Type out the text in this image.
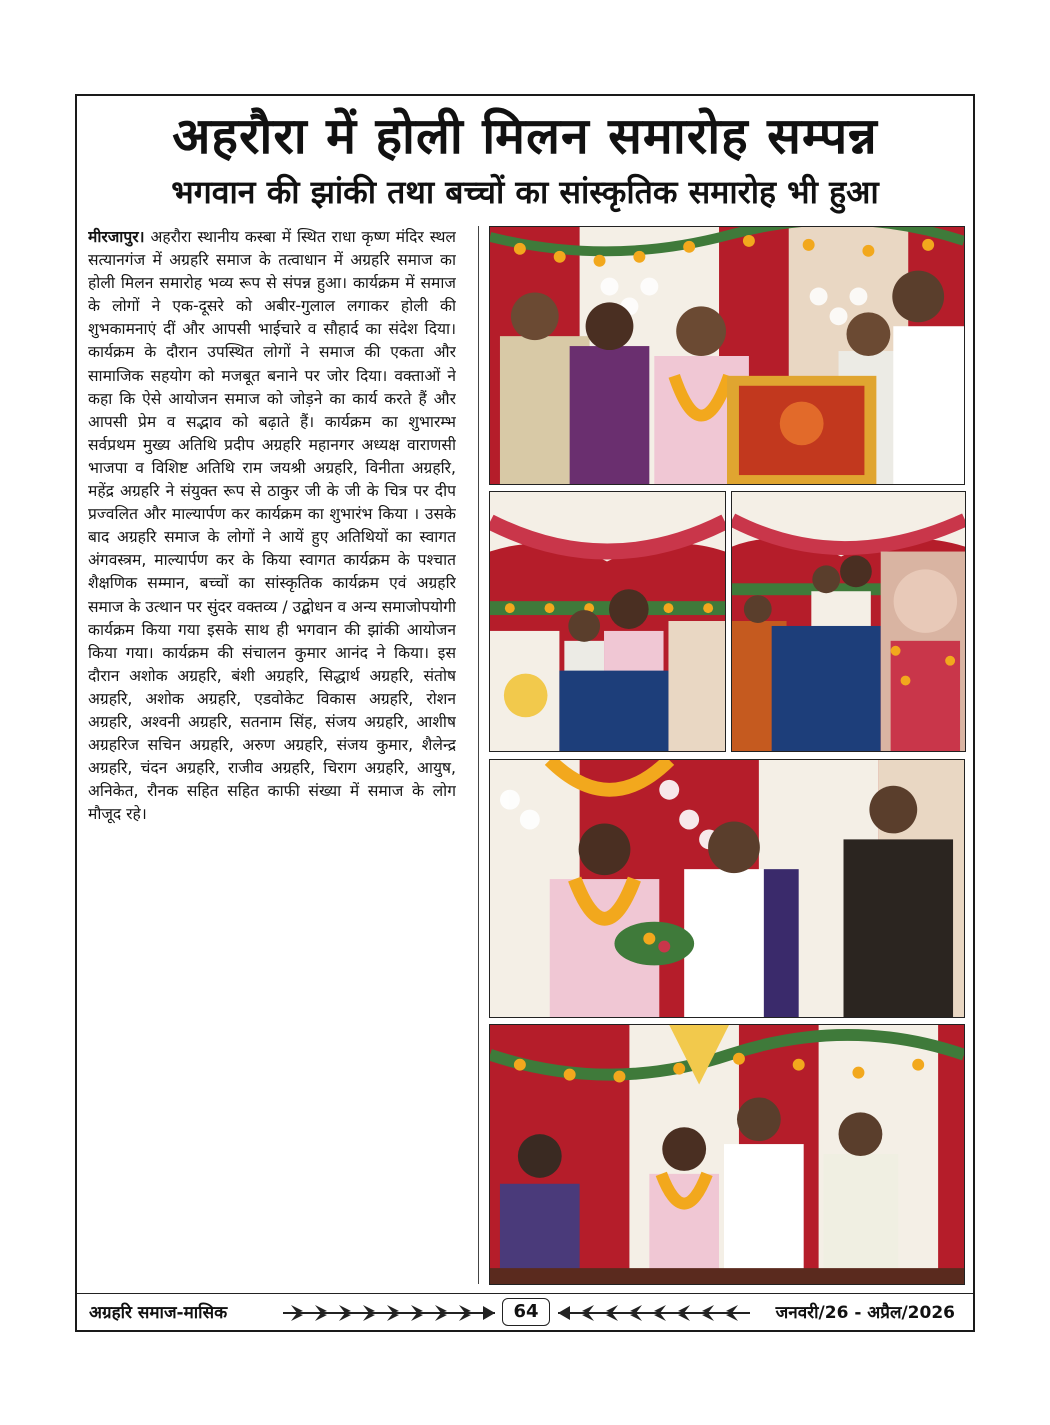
अहरौरा में होली मिलन समारोह सम्पन्न
भगवान की झांकी तथा बच्चों का सांस्कृतिक समारोह भी हुआ
मीरजापुर। अहरौरा स्थानीय कस्बा में स्थित राधा कृष्ण मंदिर स्थल सत्यानगंज में अग्रहरि समाज के तत्वाधान में अग्रहरि समाज का होली मिलन समारोह भव्य रूप से संपन्न हुआ। कार्यक्रम में समाज के लोगों ने एक-दूसरे को अबीर-गुलाल लगाकर होली की शुभकामनाएं दीं और आपसी भाईचारे व सौहार्द का संदेश दिया। कार्यक्रम के दौरान उपस्थित लोगों ने समाज की एकता और सामाजिक सहयोग को मजबूत बनाने पर जोर दिया। वक्ताओं ने कहा कि ऐसे आयोजन समाज को जोड़ने का कार्य करते हैं और आपसी प्रेम व सद्भाव को बढ़ाते हैं। कार्यक्रम का शुभारम्भ सर्वप्रथम मुख्य अतिथि प्रदीप अग्रहरि महानगर अध्यक्ष वाराणसी भाजपा व विशिष्ट अतिथि राम जयश्री अग्रहरि, विनीता अग्रहरि, महेंद्र अग्रहरि ने संयुक्त रूप से ठाकुर जी के जी के चित्र पर दीप प्रज्वलित और माल्यार्पण कर कार्यक्रम का शुभारंभ किया । उसके बाद अग्रहरि समाज के लोगों ने आयें हुए अतिथियों का स्वागत अंगवस्त्रम, माल्यार्पण कर के किया स्वागत कार्यक्रम के पश्चात शैक्षणिक सम्मान, बच्चों का सांस्कृतिक कार्यक्रम एवं अग्रहरि समाज के उत्थान पर सुंदर वक्तव्य / उद्बोधन व अन्य समाजोपयोगी कार्यक्रम किया गया इसके साथ ही भगवान की झांकी आयोजन किया गया। कार्यक्रम की संचालन कुमार आनंद ने किया। इस दौरान अशोक अग्रहरि, बंशी अग्रहरि, सिद्धार्थ अग्रहरि, संतोष अग्रहरि, अशोक अग्रहरि, एडवोकेट विकास अग्रहरि, रोशन अग्रहरि, अश्वनी अग्रहरि, सतनाम सिंह, संजय अग्रहरि, आशीष अग्रहरिज सचिन अग्रहरि, अरुण अग्रहरि, संजय कुमार, शैलेन्द्र अग्रहरि, चंदन अग्रहरि, राजीव अग्रहरि, चिराग अग्रहरि, आयुष, अनिकेत, रौनक सहित सहित काफी संख्या में समाज के लोग मौजूद रहे।
अग्रहरि समाज-मासिक	64	जनवरी/26 - अप्रैल/2026
